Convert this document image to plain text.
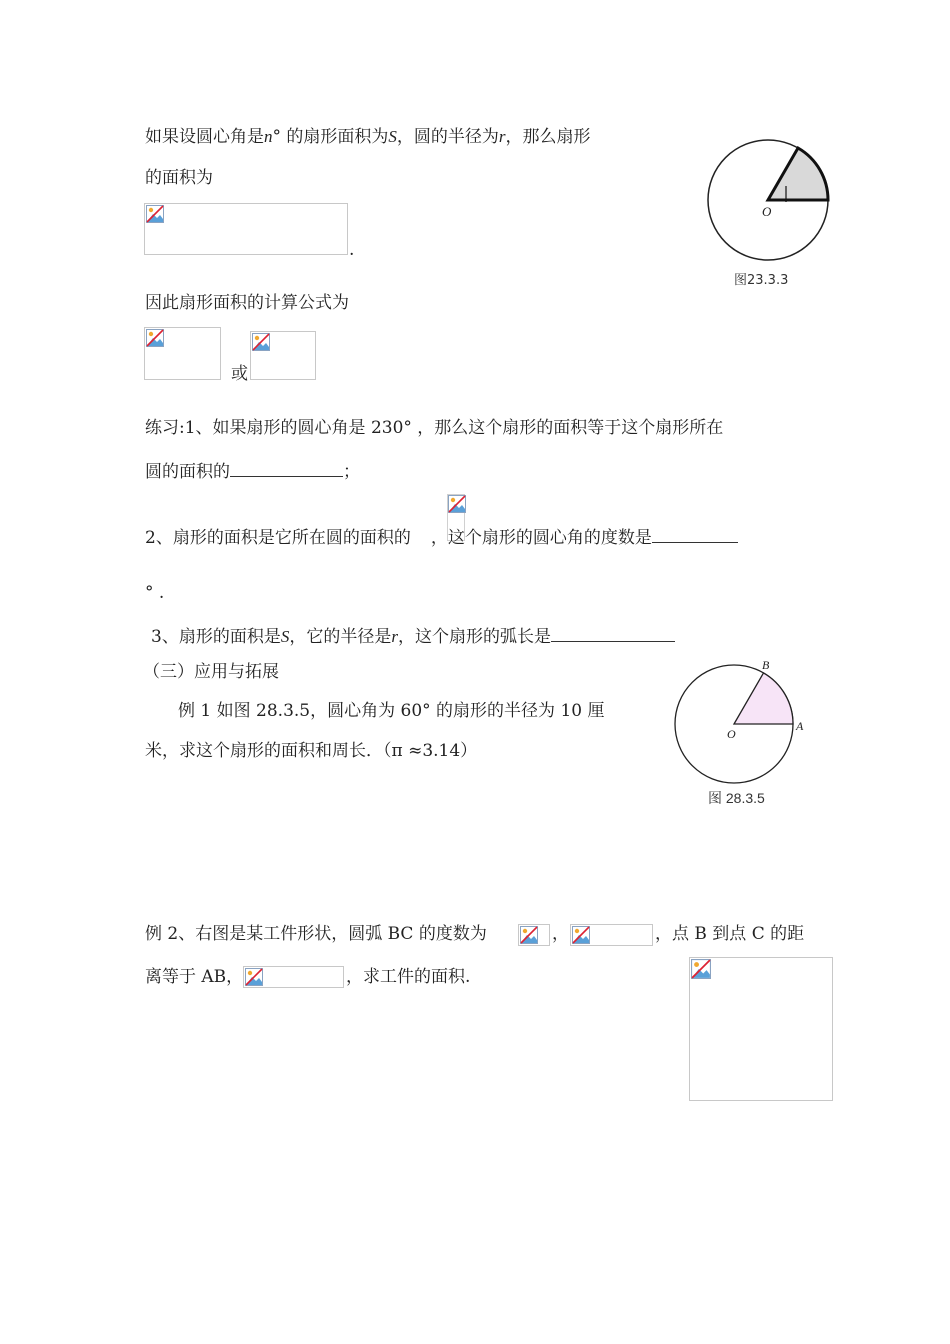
如果设圆心角是n° 的扇形面积为S，圆的半径为r，那么扇形
的面积为
.
因此扇形面积的计算公式为
或
O
图23.3.3
练习:1、如果扇形的圆心角是 230° ，那么这个扇形的面积等于这个扇形所在
圆的面积的	；
2、扇形的面积是它所在圆的面积的 ，这个扇形的圆心角的度数是
° .
3、扇形的面积是S，它的半径是r，这个扇形的弧长是
（三）应用与拓展
例 1 如图 28.3.5，圆心角为 60° 的扇形的半径为 10 厘
米，求这个扇形的面积和周长．（π ≈3.14）
B
A
O
图 28.3.5
例 2、右图是某工件形状，圆弧 BC 的度数为	，	，点 B 到点 C 的距
离等于 AB，	，求工件的面积.
